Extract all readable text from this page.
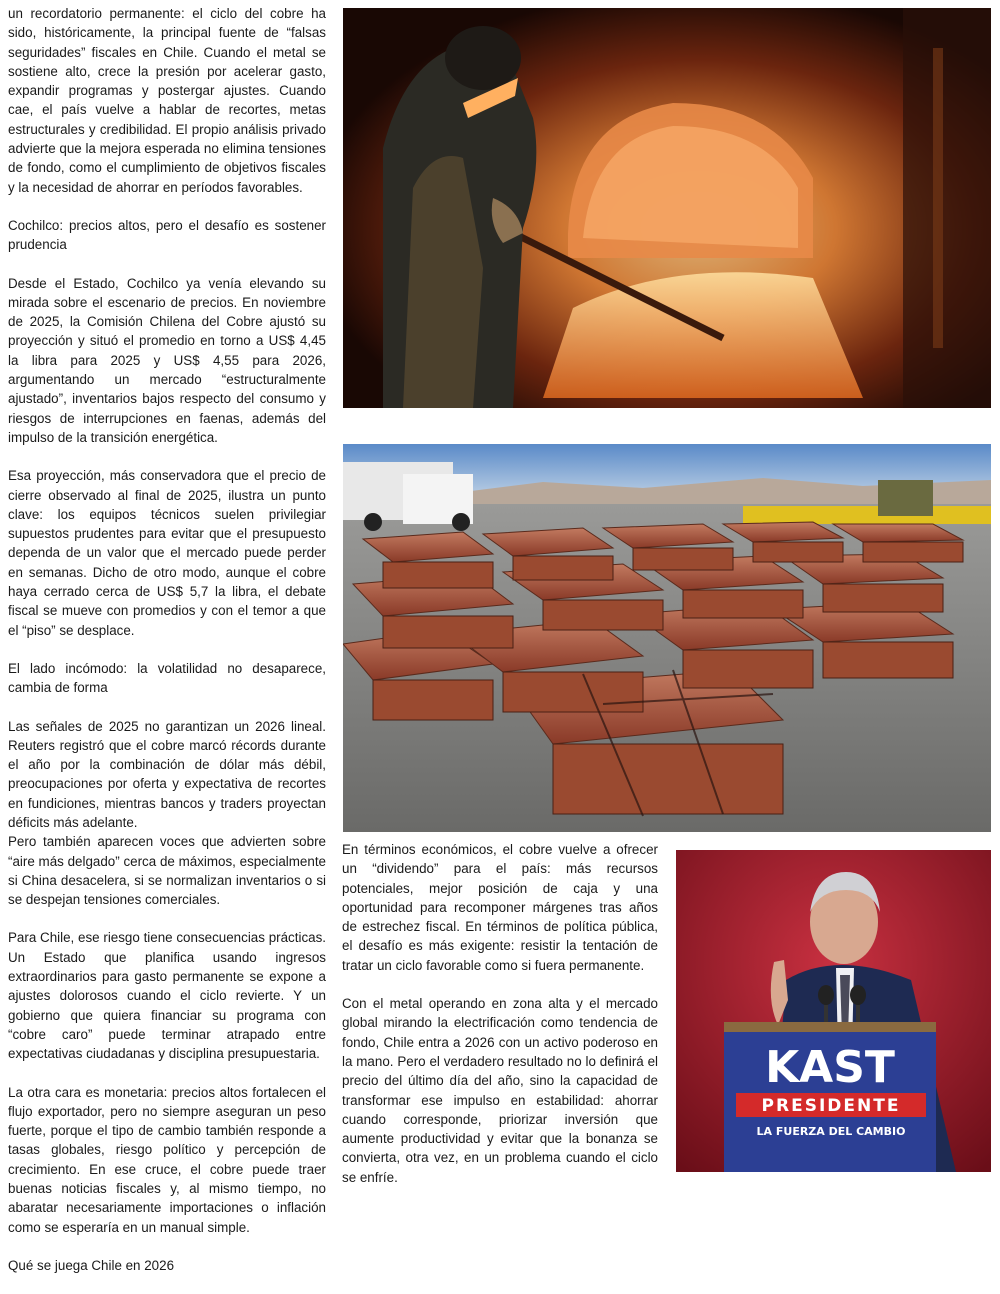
un recordatorio permanente: el ciclo del cobre ha sido, históricamente, la principal fuente de “falsas seguridades” fiscales en Chile. Cuando el metal se sostiene alto, crece la presión por acelerar gasto, expandir programas y postergar ajustes. Cuando cae, el país vuelve a hablar de recortes, metas estructurales y credibilidad. El propio análisis privado advierte que la mejora esperada no elimina tensiones de fondo, como el cumplimiento de objetivos fiscales y la necesidad de ahorrar en períodos favorables.

Cochilco: precios altos, pero el desafío es sostener prudencia

Desde el Estado, Cochilco ya venía elevando su mirada sobre el escenario de precios. En noviembre de 2025, la Comisión Chilena del Cobre ajustó su proyección y situó el promedio en torno a US$ 4,45 la libra para 2025 y US$ 4,55 para 2026, argumentando un mercado “estructuralmente ajustado”, inventarios bajos respecto del consumo y riesgos de interrupciones en faenas, además del impulso de la transición energética.

Esa proyección, más conservadora que el precio de cierre observado al final de 2025, ilustra un punto clave: los equipos técnicos suelen privilegiar supuestos prudentes para evitar que el presupuesto dependa de un valor que el mercado puede perder en semanas. Dicho de otro modo, aunque el cobre haya cerrado cerca de US$ 5,7 la libra, el debate fiscal se mueve con promedios y con el temor a que el “piso” se desplace.

El lado incómodo: la volatilidad no desaparece, cambia de forma

Las señales de 2025 no garantizan un 2026 lineal. Reuters registró que el cobre marcó récords durante el año por la combinación de dólar más débil, preocupaciones por oferta y expectativa de recortes en fundiciones, mientras bancos y traders proyectan déficits más adelante.

Pero también aparecen voces que advierten sobre “aire más delgado” cerca de máximos, especialmente si China desacelera, si se normalizan inventarios o si se despejan tensiones comerciales.

Para Chile, ese riesgo tiene consecuencias prácticas. Un Estado que planifica usando ingresos extraordinarios para gasto permanente se expone a ajustes dolorosos cuando el ciclo revierte. Y un gobierno que quiera financiar su programa con “cobre caro” puede terminar atrapado entre expectativas ciudadanas y disciplina presupuestaria.

La otra cara es monetaria: precios altos fortalecen el flujo exportador, pero no siempre aseguran un peso fuerte, porque el tipo de cambio también responde a tasas globales, riesgo político y percepción de crecimiento. En ese cruce, el cobre puede traer buenas noticias fiscales y, al mismo tiempo, no abaratar necesariamente importaciones o inflación como se esperaría en un manual simple.

Qué se juega Chile en 2026

En términos económicos, el cobre vuelve a ofrecer un “dividendo” para el país: más recursos potenciales, mejor posición de caja y una oportunidad para recomponer márgenes tras años de estrechez fiscal. En términos de política pública, el desafío es más exigente: resistir la tentación de tratar un ciclo favorable como si fuera permanente.

Con el metal operando en zona alta y el mercado global mirando la electrificación como tendencia de fondo, Chile entra a 2026 con un activo poderoso en la mano. Pero el verdadero resultado no lo definirá el precio del último día del año, sino la capacidad de transformar ese impulso en estabilidad: ahorrar cuando corresponde, priorizar inversión que aumente productividad y evitar que la bonanza se convierta, otra vez, en un problema cuando el ciclo se enfríe.

KAST
PRESIDENTE
LA FUERZA DEL CAMBIO
